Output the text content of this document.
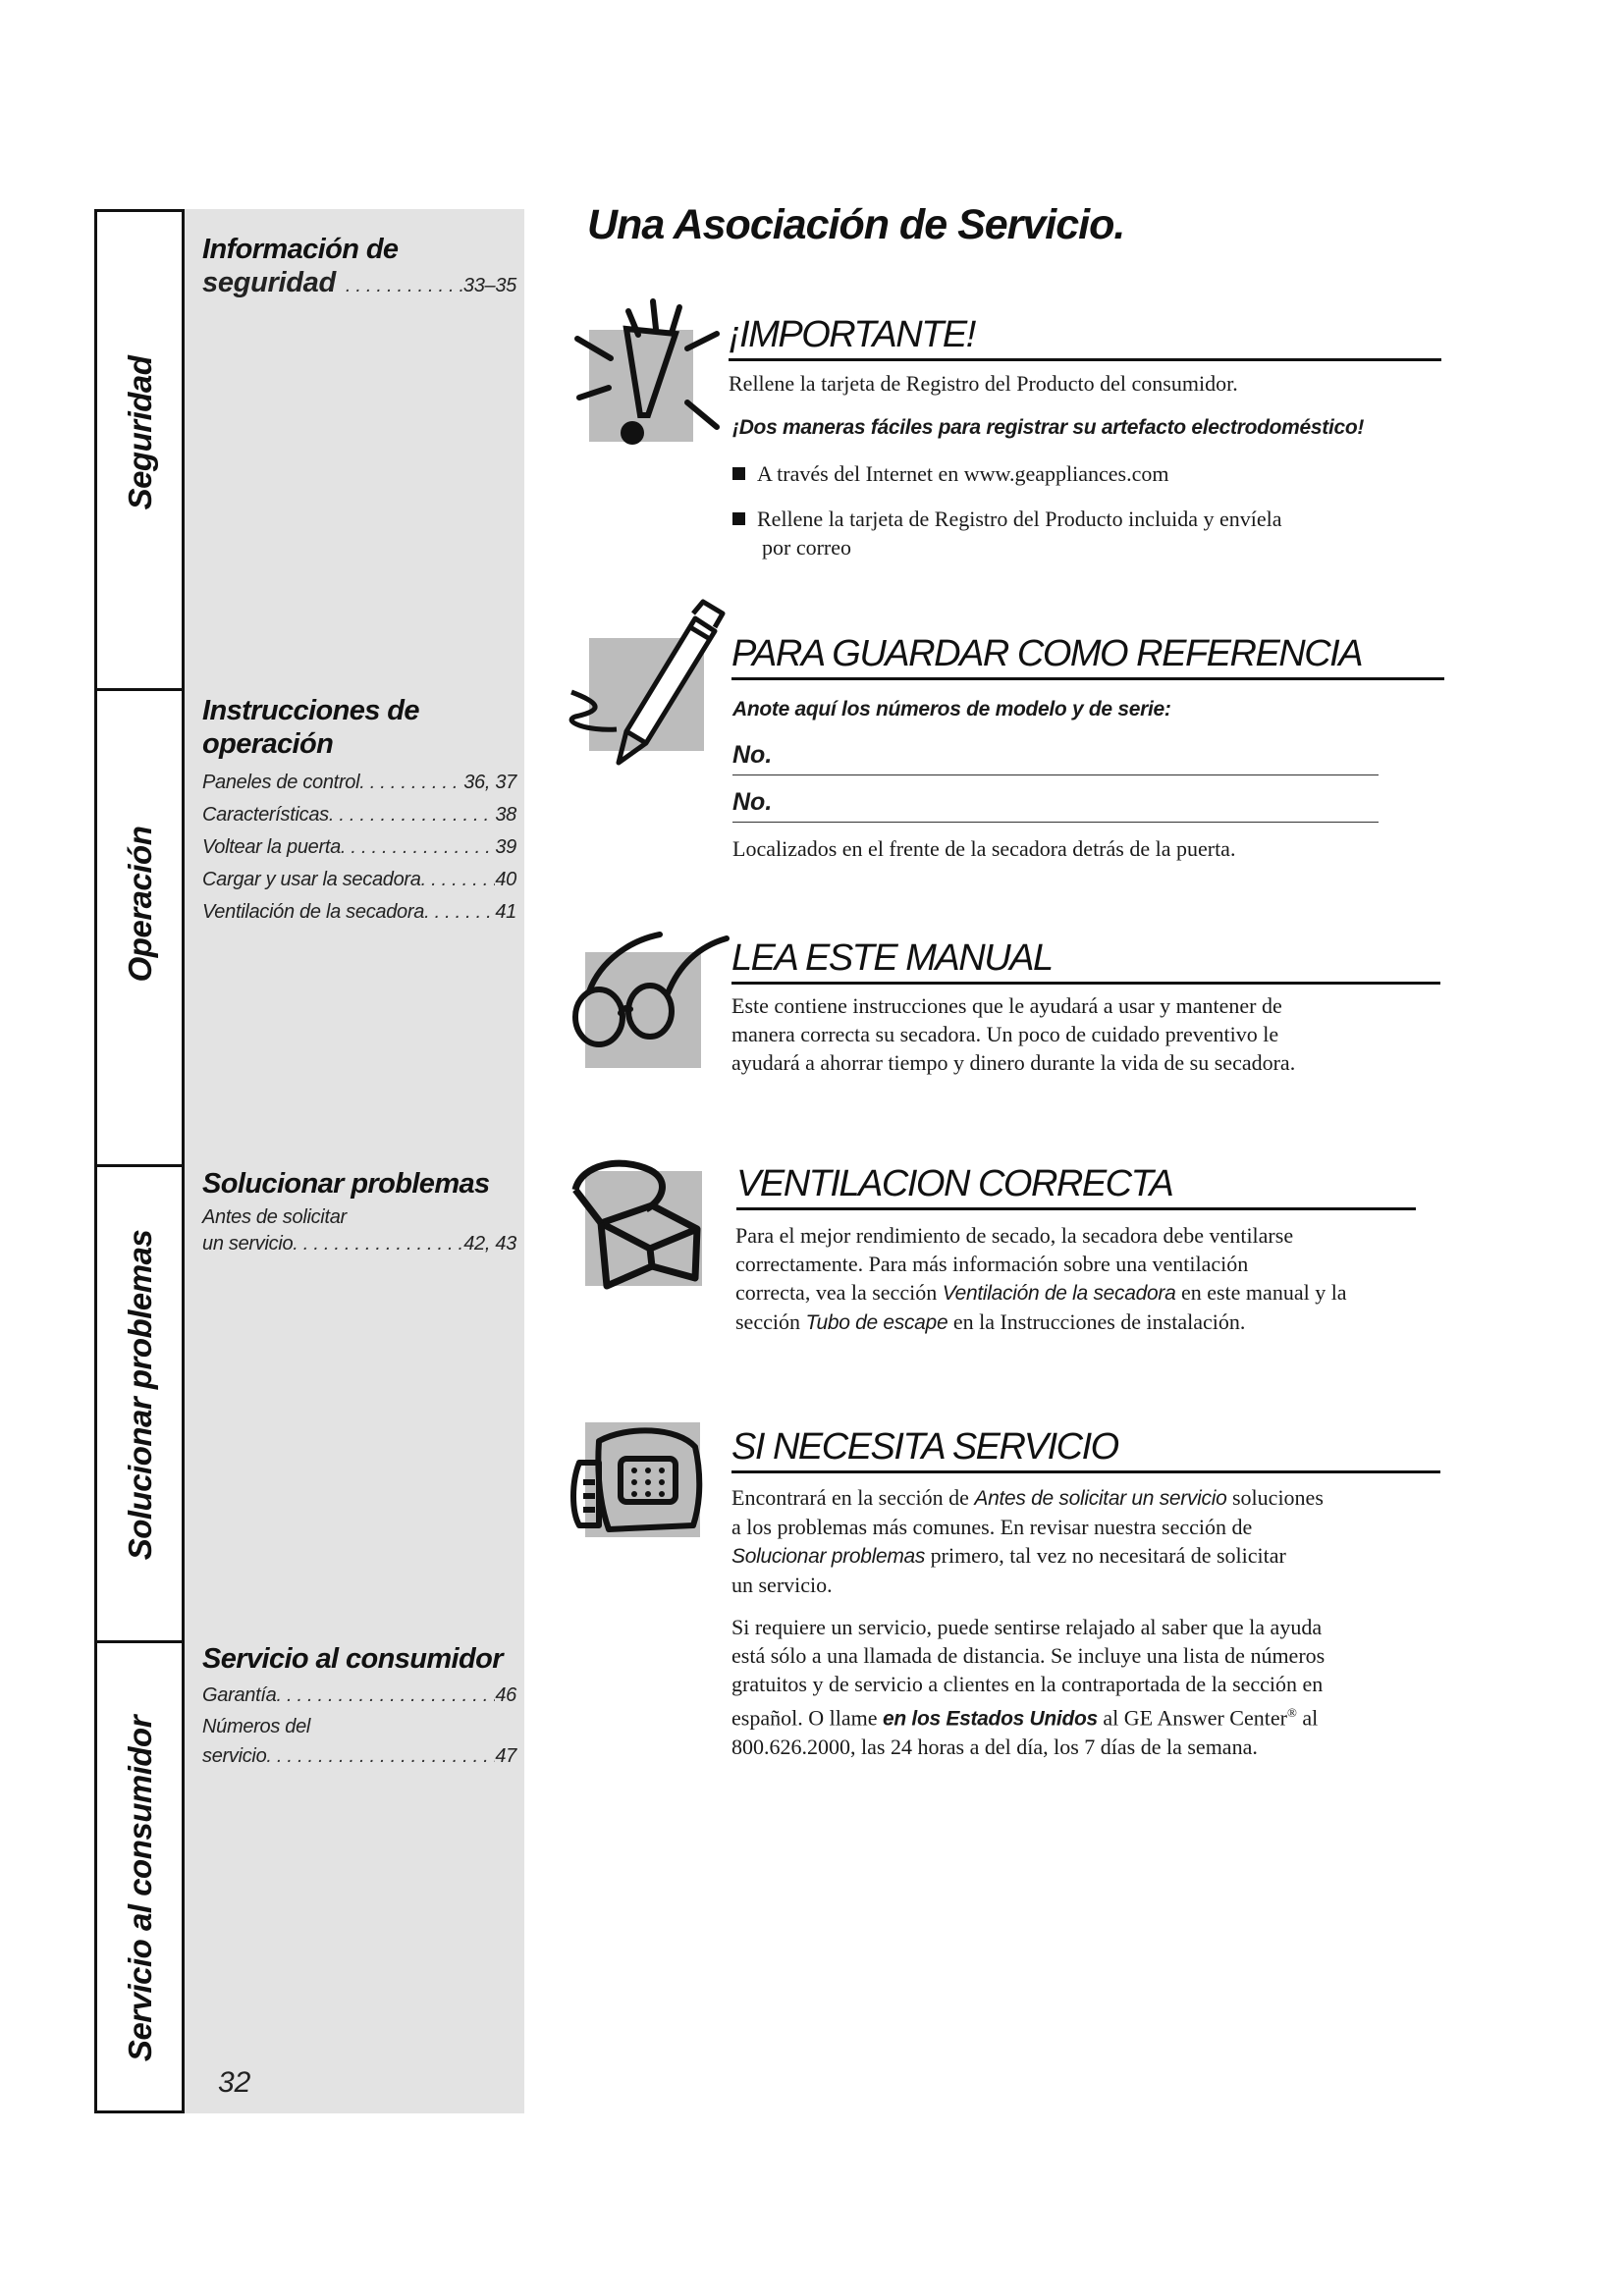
Seguridad
Operación
Solucionar problemas
Servicio al consumidor
Información de
seguridad . . .	33–35
Instrucciones de
operación
Paneles de control . . .	36, 37
Características . . .	38
Voltear la puerta . . .	39
Cargar y usar la secadora . . .	40
Ventilación de la secadora . . .	41
Solucionar problemas
Antes de solicitar
un servicio . . .	42, 43
Servicio al consumidor
Garantía . . .	46
Números del
servicio . . .	47
32
Una Asociación de Servicio.
¡IMPORTANTE!
Rellene la tarjeta de Registro del Producto del consumidor.
¡Dos maneras fáciles para registrar su artefacto electrodoméstico!
A través del Internet en www.geappliances.com
Rellene la tarjeta de Registro del Producto incluida y envíela
por correo
PARA GUARDAR COMO REFERENCIA
Anote aquí los números de modelo y de serie:
No.
No.
Localizados en el frente de la secadora detrás de la puerta.
LEA ESTE MANUAL
Este contiene instrucciones que le ayudará a usar y mantener de
manera correcta su secadora. Un poco de cuidado preventivo le
ayudará a ahorrar tiempo y dinero durante la vida de su secadora.
VENTILACION CORRECTA
Para el mejor rendimiento de secado, la secadora debe ventilarse
correctamente. Para más información sobre una ventilación
correcta, vea la sección Ventilación de la secadora en este manual y la
sección Tubo de escape en la Instrucciones de instalación.
SI NECESITA SERVICIO
Encontrará en la sección de Antes de solicitar un servicio soluciones
a los problemas más comunes. En revisar nuestra sección de
Solucionar problemas primero, tal vez no necesitará de solicitar
un servicio.
Si requiere un servicio, puede sentirse relajado al saber que la ayuda
está sólo a una llamada de distancia. Se incluye una lista de números
gratuitos y de servicio a clientes en la contraportada de la sección en
español. O llame en los Estados Unidos al GE Answer Center® al
800.626.2000, las 24 horas a del día, los 7 días de la semana.
